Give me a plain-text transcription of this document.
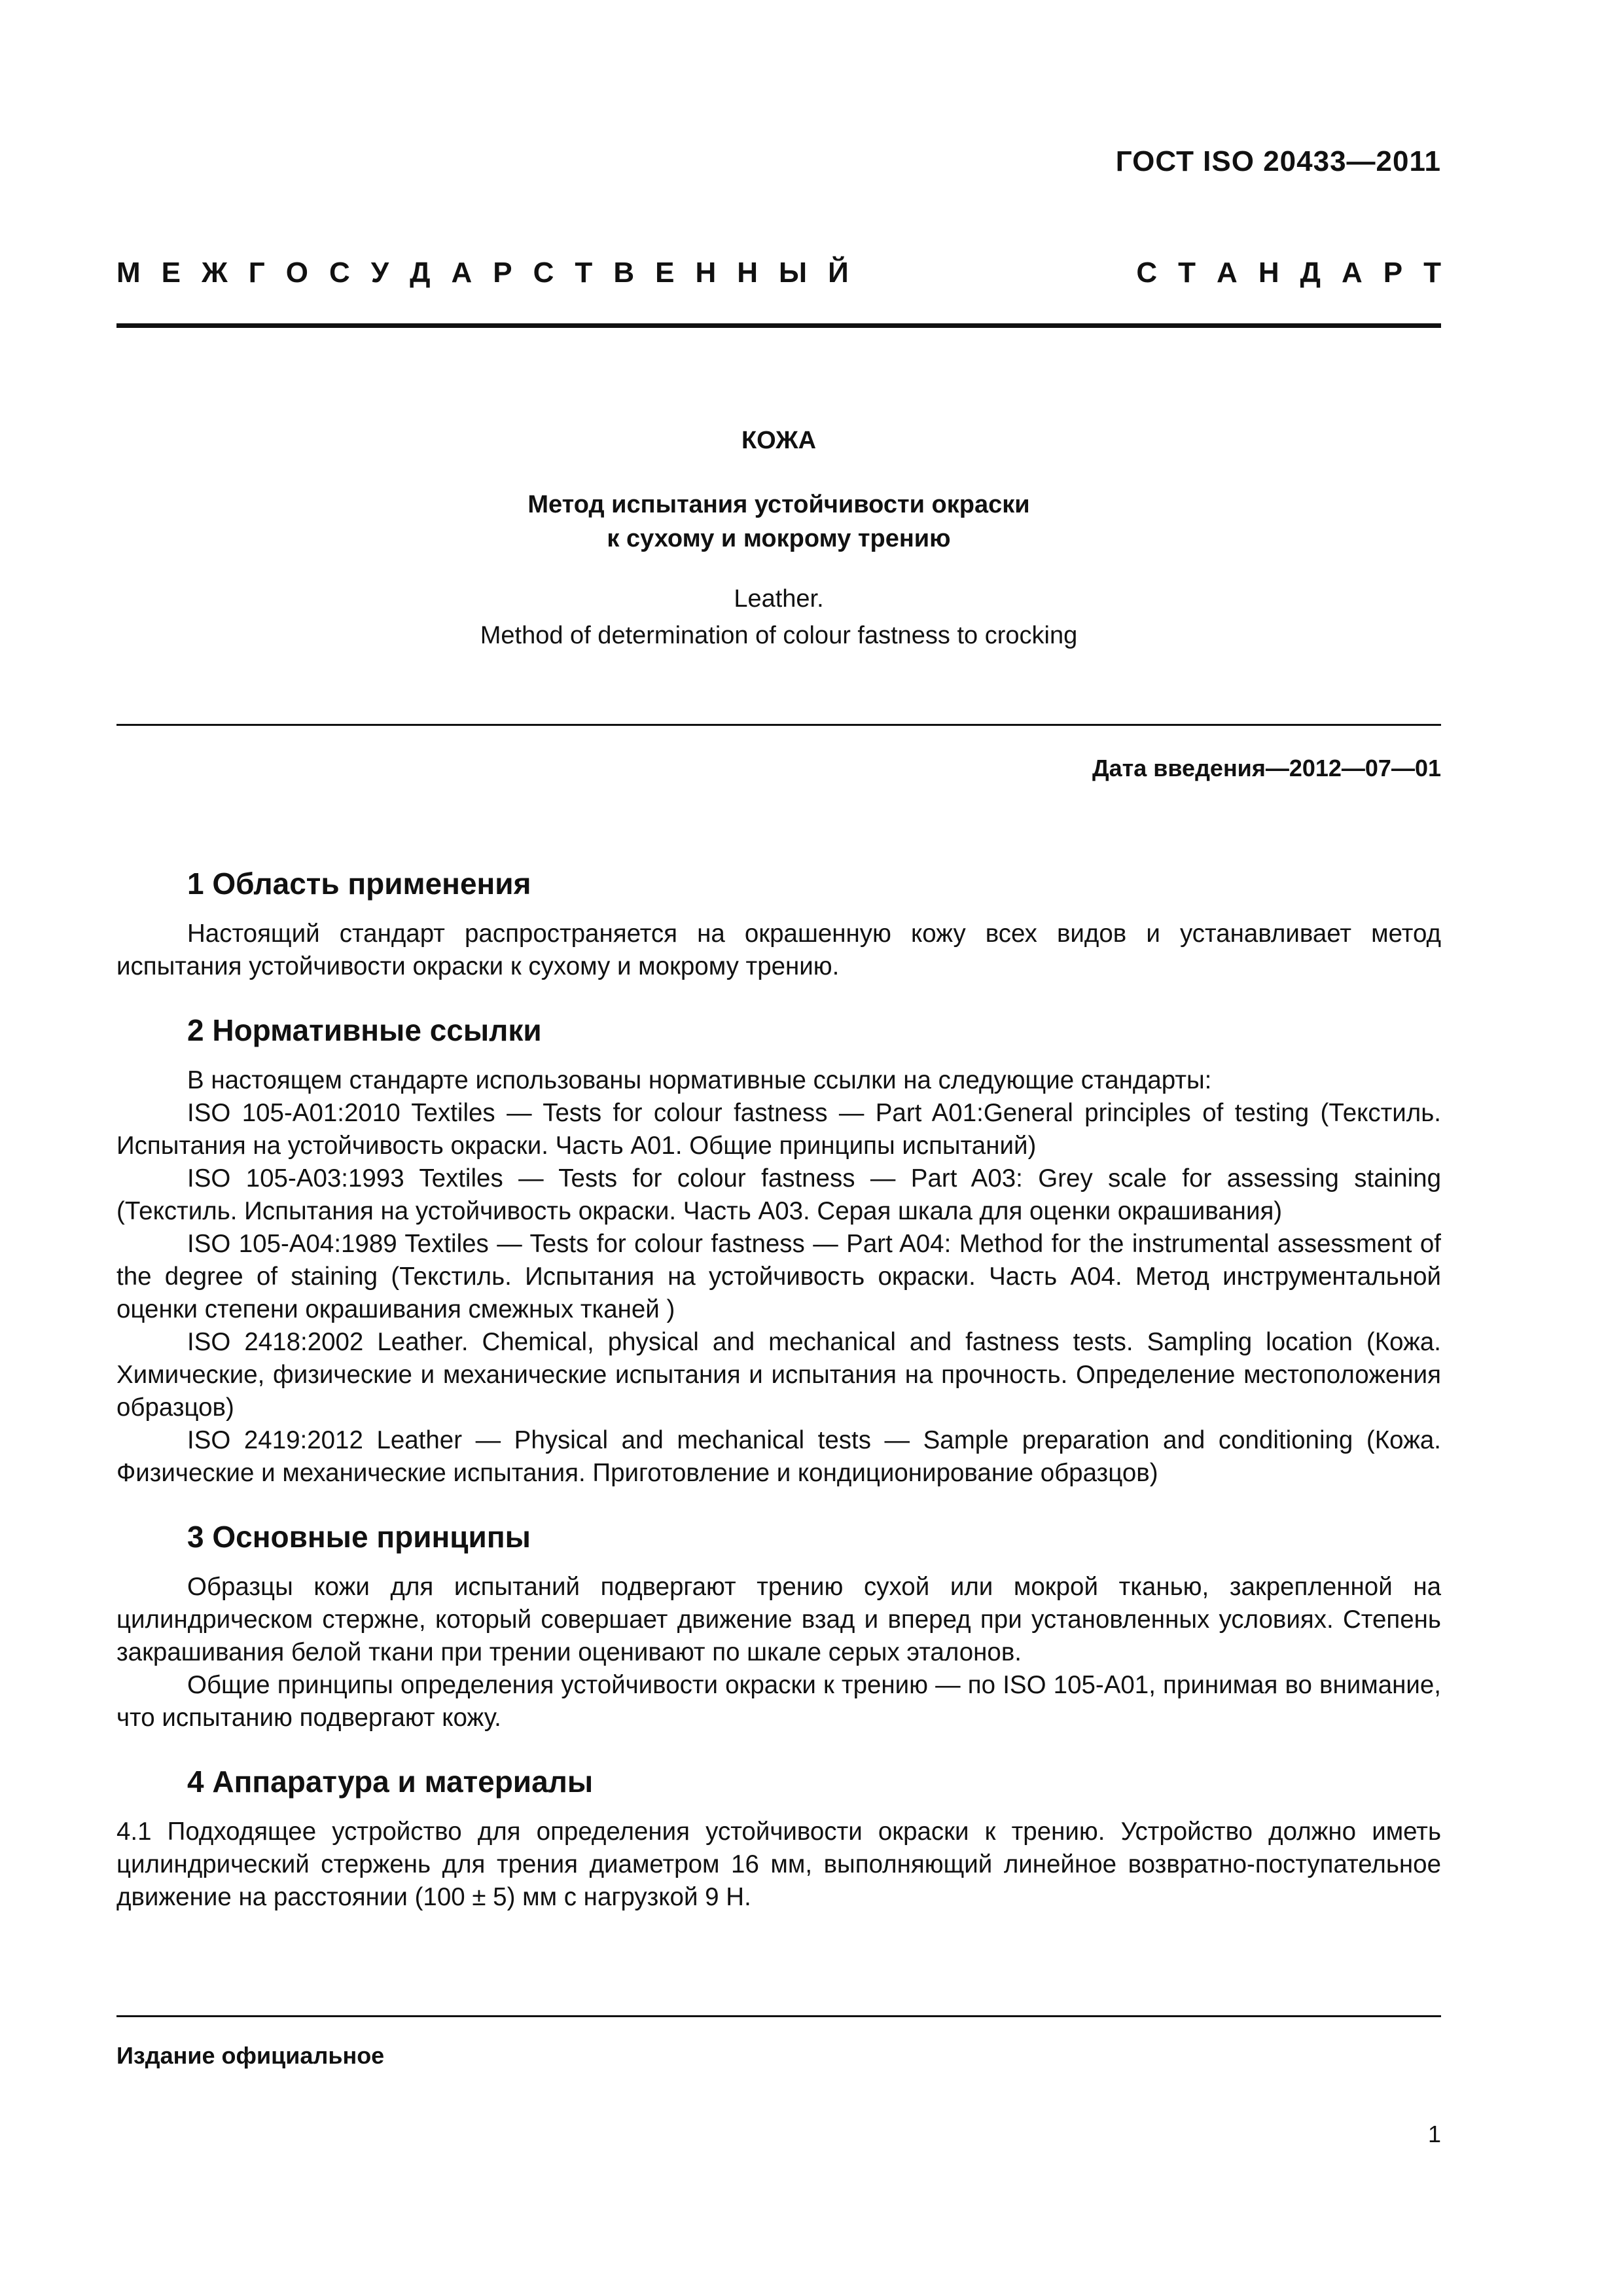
ГОСТ ISO 20433—2011
М Е Ж Г О С У Д А Р С Т В Е Н Н Ы Й	С Т А Н Д А Р Т
КОЖА
Метод испытания устойчивости окраски
к сухому и мокрому трению
Leather.
Method of determination of colour fastness to crocking
Дата введения—2012—07—01
1 Область применения

Настоящий стандарт распространяется на окрашенную кожу всех видов и устанавливает метод испытания устойчивости окраски к сухому и мокрому трению.

2 Нормативные ссылки

В настоящем стандарте использованы нормативные ссылки на следующие стандарты:

ISO 105-A01:2010 Textiles — Tests for colour fastness — Part A01:General principles of testing (Текстиль. Испытания на устойчивость окраски. Часть А01. Общие принципы испытаний)

ISO 105-A03:1993 Textiles — Tests for colour fastness — Part A03: Grey scale for assessing staining (Текстиль. Испытания на устойчивость окраски. Часть А03. Серая шкала для оценки окрашивания)

ISO 105-A04:1989 Textiles — Tests for colour fastness — Part A04: Method for the instrumental assessment of the degree of staining (Текстиль. Испытания на устойчивость окраски. Часть А04. Метод инструментальной оценки степени окрашивания смежных тканей )

ISO 2418:2002 Leather. Chemical, physical and mechanical and fastness tests. Sampling location (Кожа. Химические, физические и механические испытания и испытания на прочность. Определение местоположения образцов)

ISO 2419:2012 Leather — Physical and mechanical tests — Sample preparation and conditioning (Кожа. Физические и механические испытания. Приготовление и кондиционирование образцов)

3 Основные принципы

Образцы кожи для испытаний подвергают трению сухой или мокрой тканью, закрепленной на цилиндрическом стержне, который совершает движение взад и вперед при установленных условиях. Степень закрашивания белой ткани при трении оценивают по шкале серых эталонов.

Общие принципы определения устойчивости окраски к трению — по ISO 105-A01, принимая во внимание, что испытанию подвергают кожу.

4 Аппаратура и материалы

4.1 Подходящее устройство для определения устойчивости окраски к трению. Устройство должно иметь цилиндрический стержень для трения диаметром 16 мм, выполняющий линейное возвратно-поступательное движение на расстоянии (100 ± 5) мм с нагрузкой 9 Н.

Издание официальное
1
